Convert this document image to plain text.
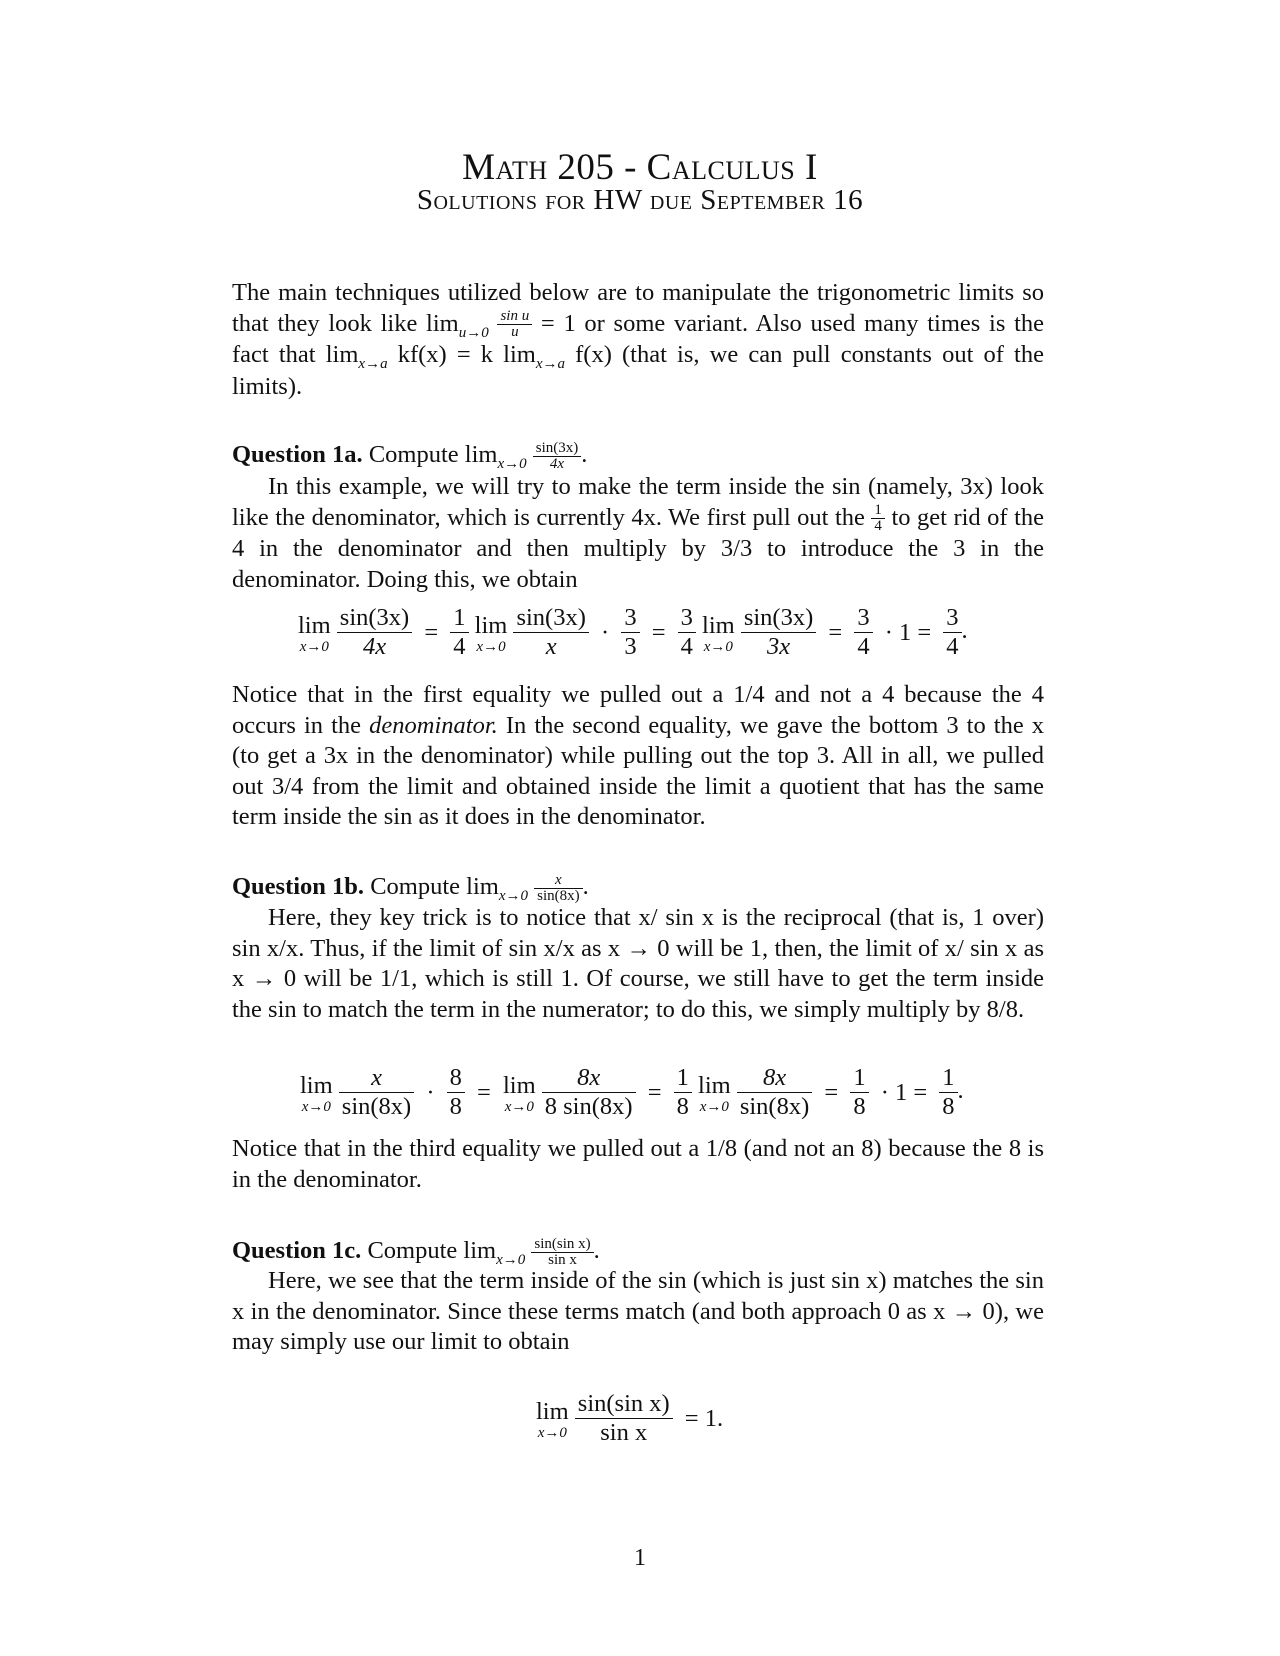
Math 205 - Calculus I
Solutions for HW due September 16
The main techniques utilized below are to manipulate the trigonometric limits so that they look like $\lim_{u\to 0} \frac{\text{sin u}}{u} = 1$ or some variant. Also used many times is the fact that $\lim_{x\to a} kf(x) = k$ $\lim_{x\to a} f(x)$ (that is, we can pull constants out of the limits).
Question 1a. Compute $\lim_{x\to 0} \frac{\sin(3x)}{4x}$ .
In this example, we will try to make the term inside the sin (namely, 3x) look like the denominator, which is currently 4x. We first pull out the $\frac{1}{4}$ to get rid of the 4 in the denominator and then multiply by 3/3 to introduce the 3 in the denominator. Doing this, we obtain
lim
x→0
$\frac{\sin(3x)}{4x} = \frac{1}{4}$ lim
x→0
$\frac{\sin(3x)}{x} \cdot \frac{3}{3} = \frac{3}{4}$ lim
x→0
$\frac{\sin(3x)}{3x} = \frac{3}{4} \cdot 1 = \frac{3}{4}$ .
Notice that in the first equality we pulled out a 1/4 and not a 4 because the 4 occurs in the denominator. In the second equality, we gave the bottom 3 to the x (to get a 3x in the denominator) while pulling out the top 3. All in all, we pulled out 3/4 from the limit and obtained inside the limit a quotient that has the same term inside the sin as it does in the denominator.
Question 1b. Compute $\lim_{x\to 0} \frac{x}{\sin(8x)}$ .
Here, they key trick is to notice that x/ sin x is the reciprocal (that is, 1 over) sin x/x. Thus, if the limit of sin x/x as x → 0 will be 1, then, the limit of x/ sin x as x → 0 will be 1/1, which is still 1. Of course, we still have to get the term inside the sin to match the term in the numerator; to do this, we simply multiply by 8/8.
lim
x→0
$\frac{x}{\sin(8x)} \cdot \frac{8}{8} = \lim$
x→0
$\frac{8x}{8 \sin(8x)} = \frac{1}{8}$ lim
x→0
$\frac{8x}{\sin(8x)} = \frac{1}{8} \cdot 1 = \frac{1}{8}$ .
Notice that in the third equality we pulled out a 1/8 (and not an 8) because the 8 is in the denominator.
Question 1c. Compute $\lim_{x\to 0} \frac{\text{sin(sin x)}}{\text{sin x}}$ .
Here, we see that the term inside of the sin (which is just sin x) matches the sin x in the denominator. Since these terms match (and both approach 0 as x → 0), we may simply use our limit to obtain
lim
x→0
$\frac{\text{sin(sin x)}}{\text{sin x}} = 1$.
1
